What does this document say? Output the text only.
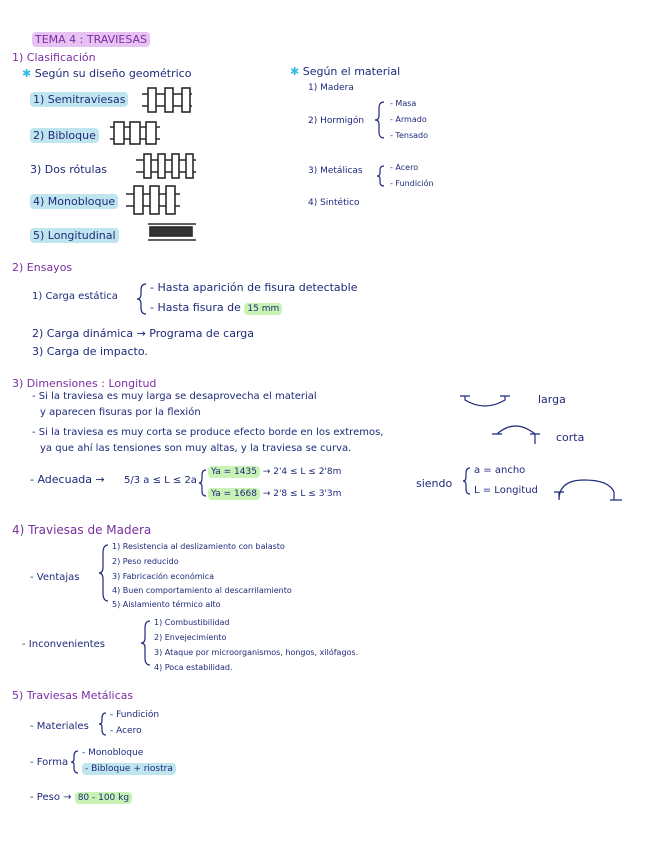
TEMA 4 : TRAVIESAS
1) Clasificación
✱ Según su diseño geométrico
1) Semitraviesas
2) Bibloque
3) Dos rótulas
4) Monobloque
5) Longitudinal
✱ Según el material
1) Madera
2) Hormigón
- Masa
- Armado
- Tensado
3) Metálicas	- Acero
- Fundición
4) Sintético
2) Ensayos
1) Carga estática
- Hasta aparición de fisura detectable
- Hasta fisura de 15 mm
2) Carga dinámica → Programa de carga
3) Carga de impacto.
3) Dimensiones : Longitud
- Si la traviesa es muy larga se desaprovecha el material
y aparecen fisuras por la flexión
- Si la traviesa es muy corta se produce efecto borde en los extremos,
ya que ahí las tensiones son muy altas, y la traviesa se curva.
larga
corta
- Adecuada → 5/3 a ≤ L ≤ 2a
Ya = 1435 → 2'4 ≤ L ≤ 2'8m
Ya = 1668 → 2'8 ≤ L ≤ 3'3m
siendo
a = ancho
L = Longitud
4) Traviesas de Madera
- Ventajas
1) Resistencia al deslizamiento con balasto
2) Peso reducido
3) Fabricación económica
4) Buen comportamiento al descarrilamiento
5) Aislamiento térmico alto
- Inconvenientes
1) Combustibilidad
2) Envejecimiento
3) Ataque por microorganismos, hongos, xilófagos.
4) Poca estabilidad.
5) Traviesas Metálicas
- Materiales
- Fundición
- Acero
- Forma
- Monobloque
- Bibloque + riostra
- Peso → 80 - 100 kg
